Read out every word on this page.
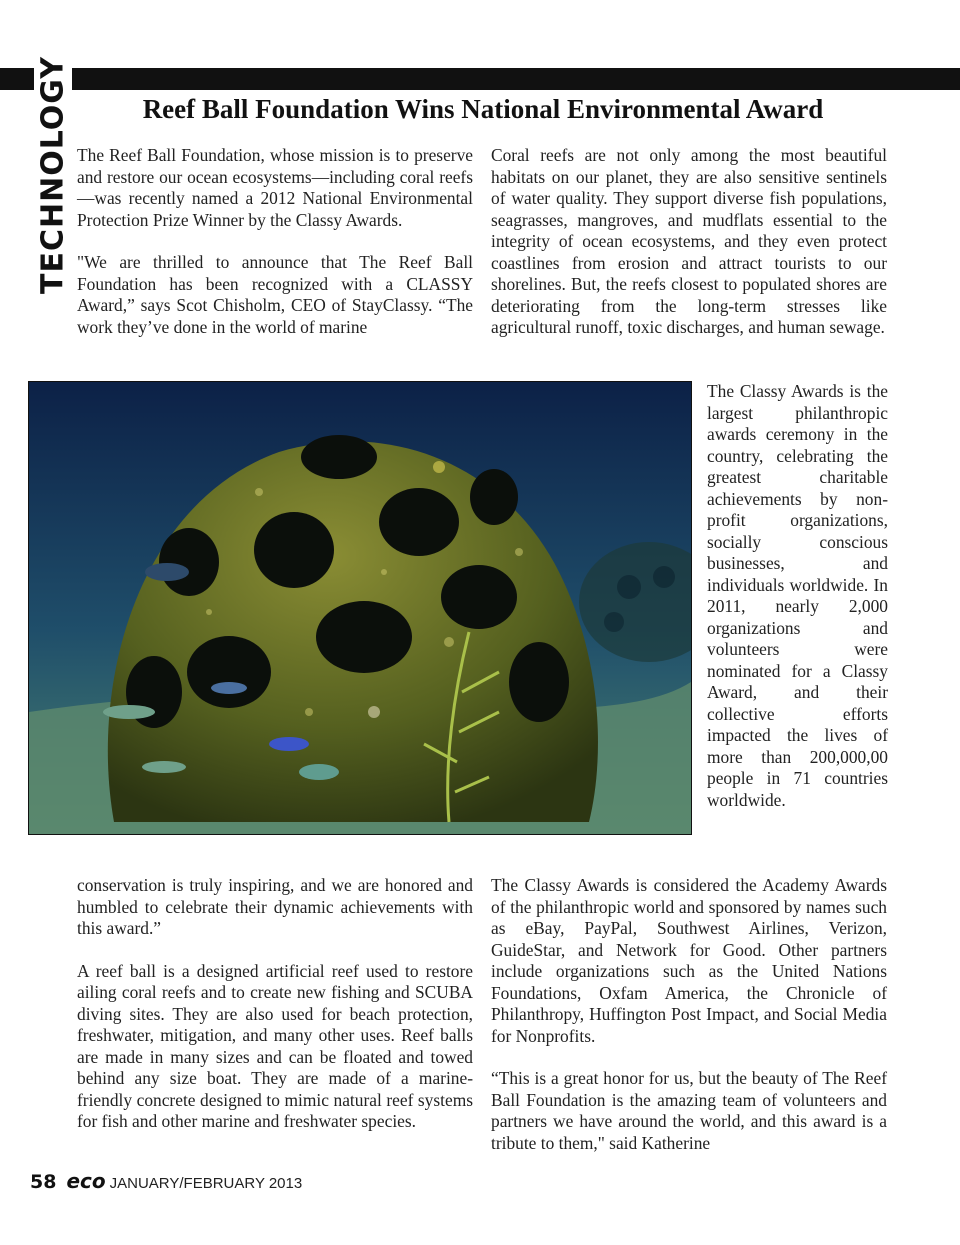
TECHNOLOGY	Reef Ball Foundation Wins National Environmental Award

The Reef Ball Foundation, whose mission is to preserve and restore our ocean ecosystems—including coral reefs—was recently named a 2012 National Environmental Protection Prize Winner by the Classy Awards.

"We are thrilled to announce that The Reef Ball Foundation has been recognized with a CLASSY Award,” says Scot Chisholm, CEO of StayClassy. “The work they’ve done in the world of marine

Coral reefs are not only among the most beautiful habitats on our planet, they are also sensitive sentinels of water quality. They support diverse fish populations, seagrasses, mangroves, and mudflats essential to the integrity of ocean ecosystems, and they even protect coastlines from erosion and attract tourists to our shorelines. But, the reefs closest to populated shores are deteriorating from the long-term stresses like agricultural runoff, toxic discharges, and human sewage.

The Classy Awards is the largest philanthropic awards ceremony in the country, celebrating the greatest charitable achievements by non-profit organizations, socially conscious businesses, and individuals worldwide. In 2011, nearly 2,000 organizations and volunteers were nominated for a Classy Award, and their collective efforts impacted the lives of more than 200,000,00 people in 71 countries worldwide.

conservation is truly inspiring, and we are honored and humbled to celebrate their dynamic achievements with this award.”

A reef ball is a designed artificial reef used to restore ailing coral reefs and to create new fishing and SCUBA diving sites. They are also used for beach protection, freshwater, mitigation, and many other uses. Reef balls are made in many sizes and can be floated and towed behind any size boat. They are made of a marine-friendly concrete designed to mimic natural reef systems for fish and other marine and freshwater species.

The Classy Awards is considered the Academy Awards of the philanthropic world and sponsored by names such as eBay, PayPal, Southwest Airlines, Verizon, GuideStar, and Network for Good. Other partners include organizations such as the United Nations Foundations, Oxfam America, the Chronicle of Philanthropy, Huffington Post Impact, and Social Media for Nonprofits.

“This is a great honor for us, but the beauty of The Reef Ball Foundation is the amazing team of volunteers and partners we have around the world, and this award is a tribute to them," said Katherine

58 eco JANUARY/FEBRUARY 2013
